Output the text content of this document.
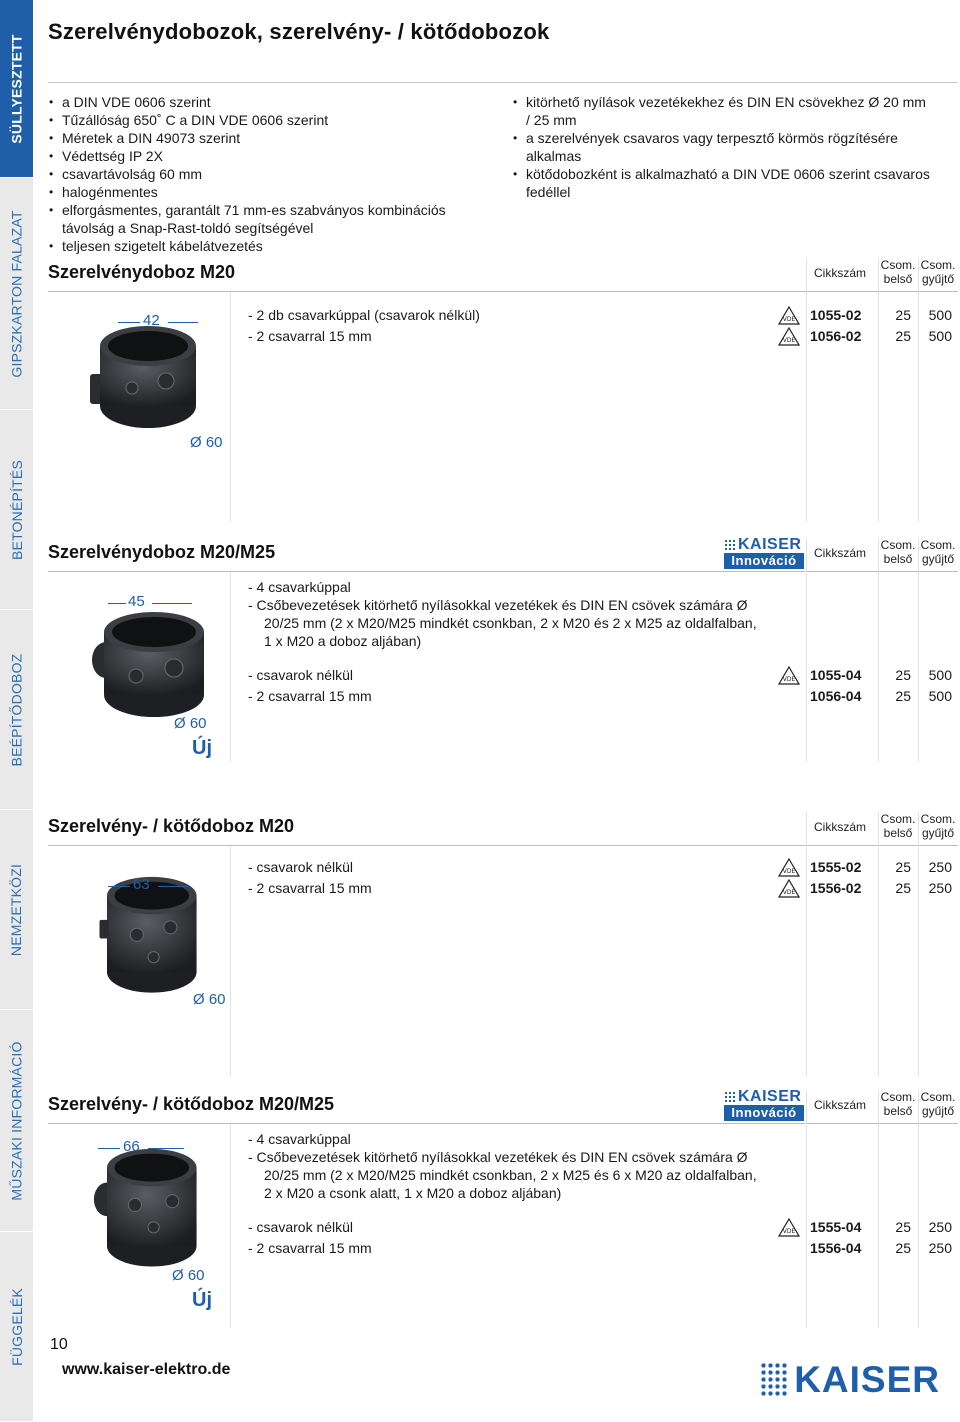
SÜLLYESZTETT
GIPSZKARTON FALAZAT
BETONÉPÍTÉS
BEÉPÍTŐDOBOZ
NEMZETKÖZI
MŰSZAKI INFORMÁCIÓ
FÜGGELÉK
Szerelvénydobozok, szerelvény- / kötődobozok
• a DIN VDE 0606 szerint
• Tűzállóság 650˚ C a DIN VDE 0606 szerint
• Méretek a DIN 49073 szerint
• Védettség IP 2X
• csavartávolság 60 mm
• halogénmentes
• elforgásmentes, garantált 71 mm-es szabványos kombinációs távolság a Snap-Rast-toldó segítségével
• teljesen szigetelt kábelátvezetés
• kitörhető nyílások vezetékekhez és DIN EN csövekhez Ø 20 mm / 25 mm
• a szerelvények csavaros vagy terpesztő körmös rögzítésére alkalmas
• kötődobozként is alkalmazható a DIN VDE 0606 szerint csavaros fedéllel
Szerelvénydoboz M20	Cikkszám
Csom.
belső
Csom.
gyűjtő
42
Ø 60
- 2 db csavarkúppal (csavarok nélkül)	VDE 1055-02	25	500
- 2 csavarral 15 mm	VDE 1056-02	25	500
Szerelvénydoboz M20/M25	KAISER
Innováció	Cikkszám
Csom.
belső
Csom.
gyűjtő
45
Ø 60
Új
- 4 csavarkúppal
- Csőbevezetések kitörhető nyílásokkal vezetékek és DIN EN csövek számára Ø 20/25 mm (2 x M20/M25 mindkét csonkban, 2 x M20 és 2 x M25 az oldalfalban, 1 x M20 a doboz aljában)
- csavarok nélkül	VDE 1055-04	25	500
- 2 csavarral 15 mm	1056-04	25	500
Szerelvény- / kötődoboz M20	Cikkszám
Csom.
belső
Csom.
gyűjtő
63
Ø 60
- csavarok nélkül	VDE 1555-02	25	250
- 2 csavarral 15 mm	VDE 1556-02	25	250
Szerelvény- / kötődoboz M20/M25	KAISER
Innováció	Cikkszám
Csom.
belső
Csom.
gyűjtő
66
Ø 60
Új
- 4 csavarkúppal
- Csőbevezetések kitörhető nyílásokkal vezetékek és DIN EN csövek számára Ø 20/25 mm (2 x M20/M25 mindkét csonkban, 2 x M25 és 6 x M20 az oldalfalban, 2 x M20 a csonk alatt, 1 x M20 a doboz aljában)
- csavarok nélkül	VDE 1555-04	25	250
- 2 csavarral 15 mm	1556-04	25	250
10
www.kaiser-elektro.de	KAISER
